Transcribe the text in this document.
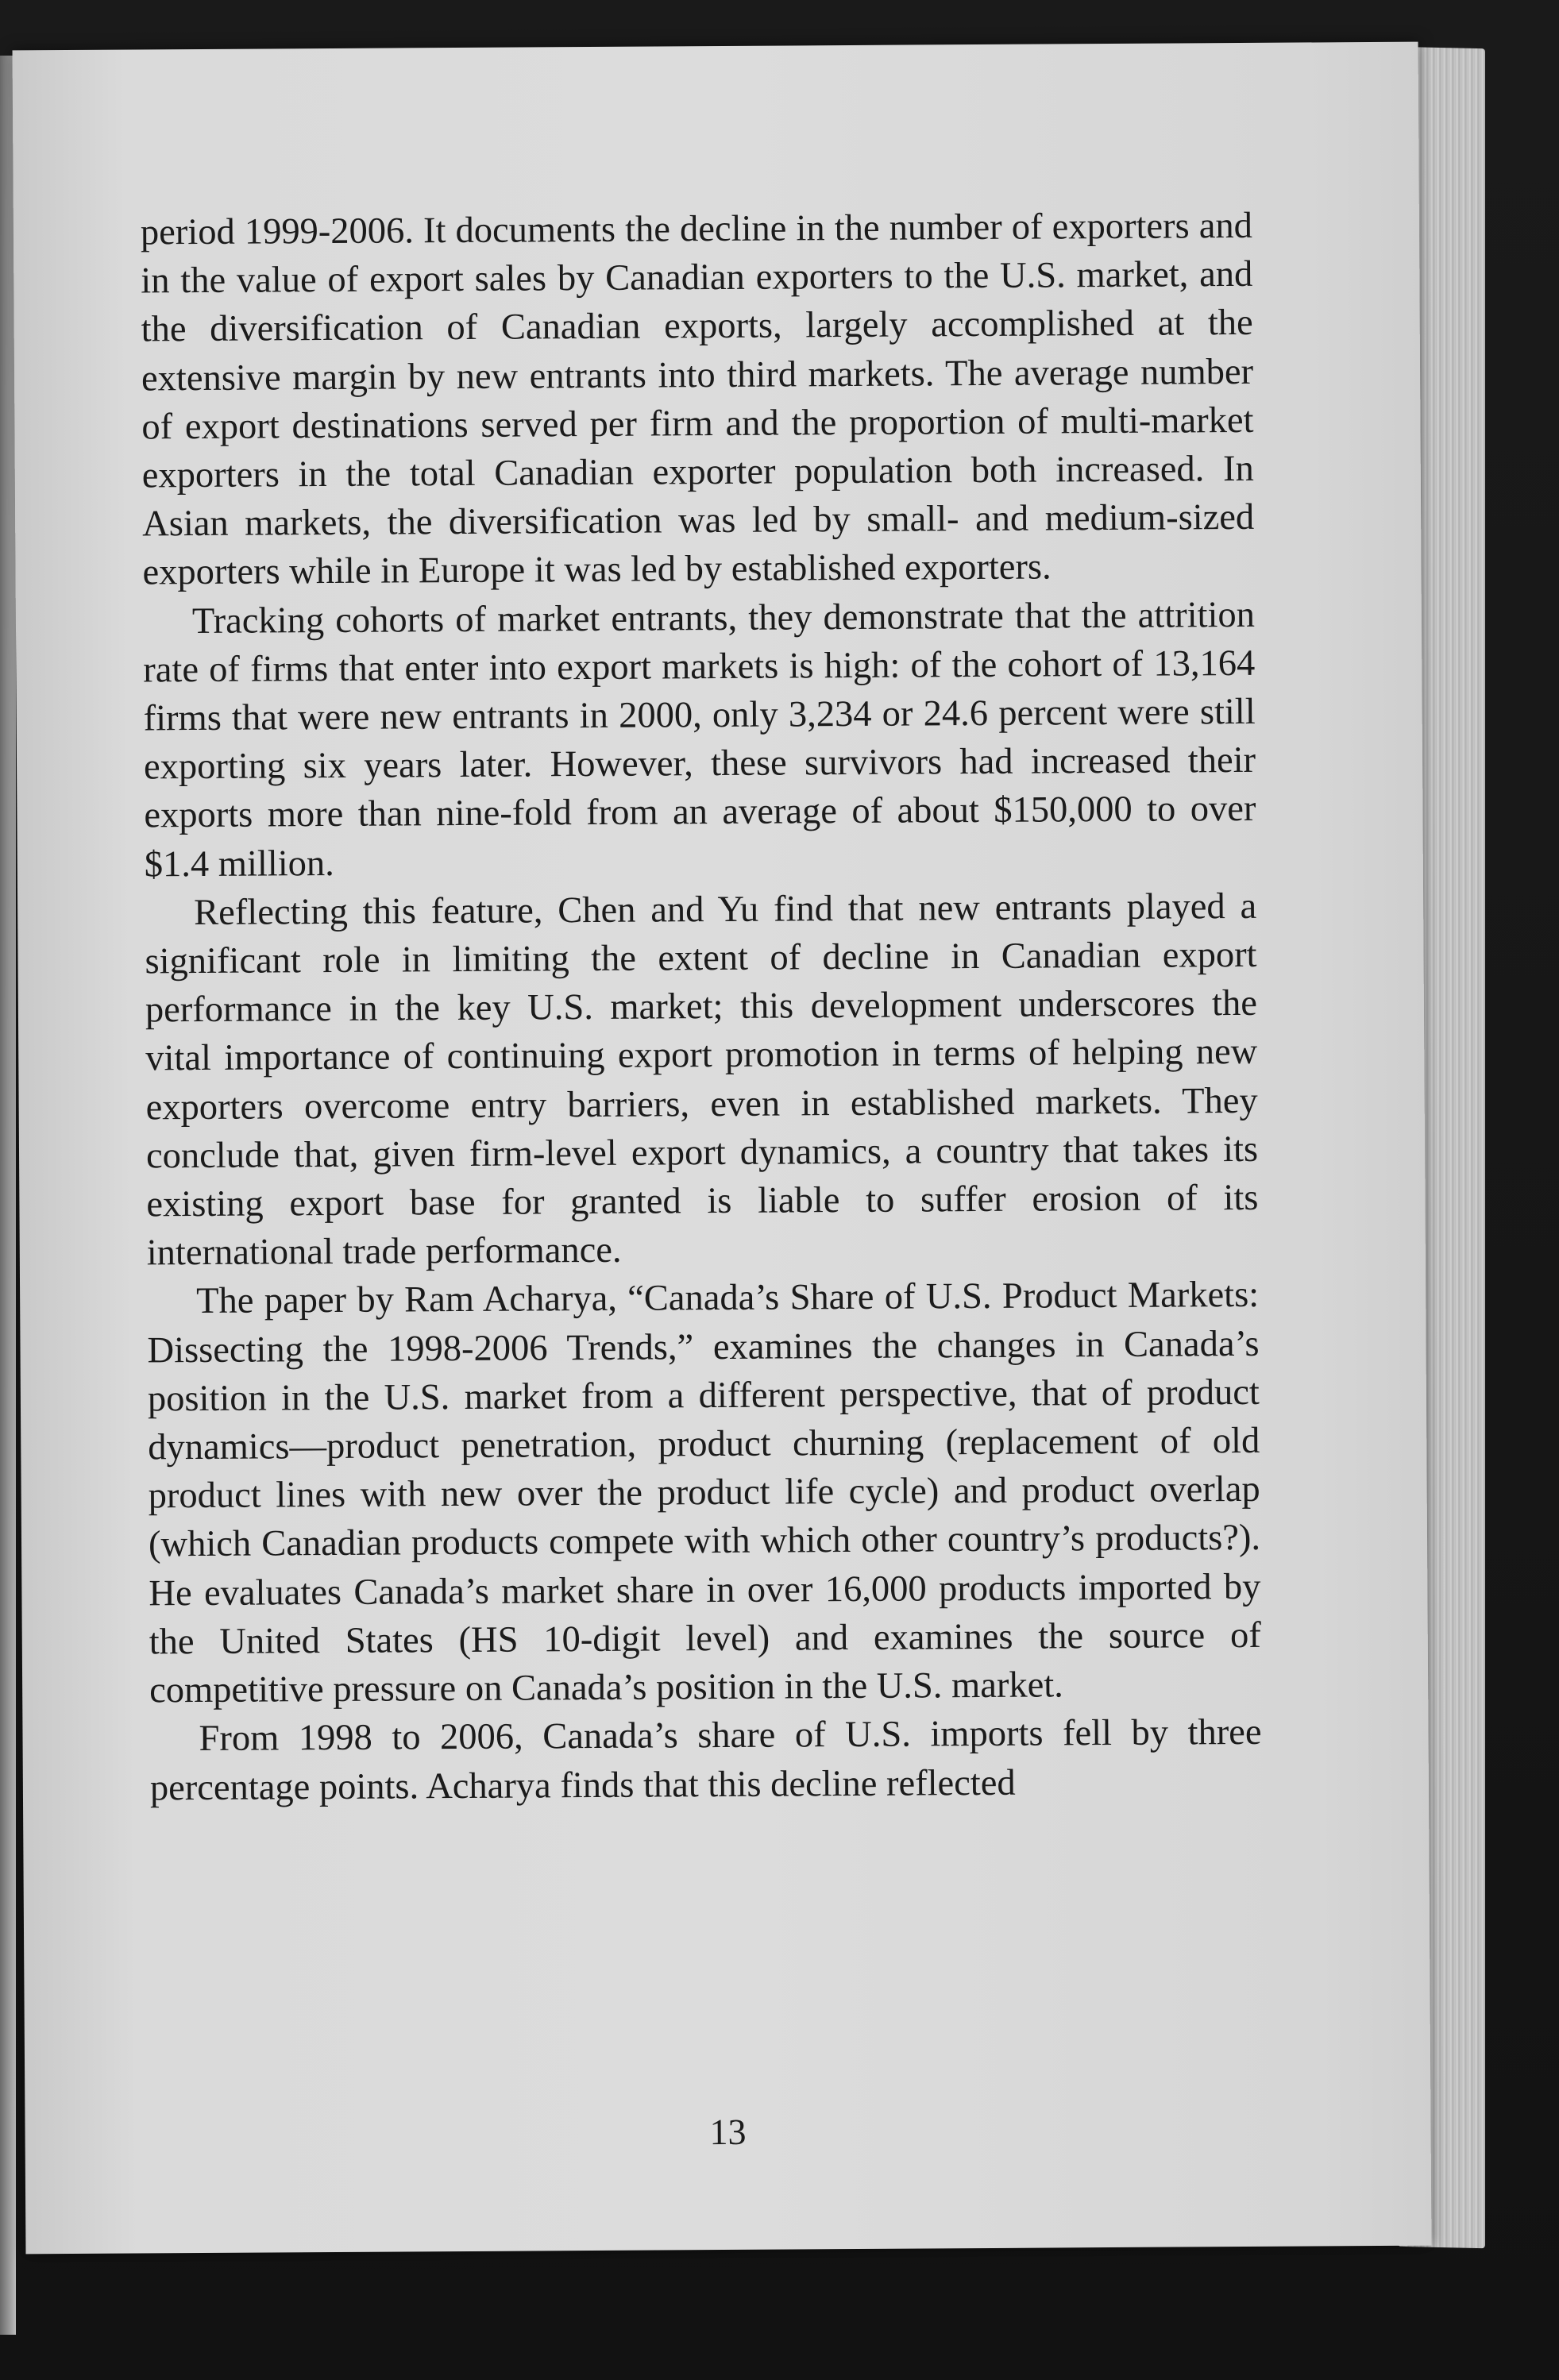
period 1999-2006. It documents the decline in the number of exporters and in the value of export sales by Canadian exporters to the U.S. market, and the diversification of Canadian exports, largely accomplished at the extensive margin by new entrants into third markets. The average number of export destinations served per firm and the proportion of multi-market exporters in the total Canadian exporter population both increased. In Asian markets, the diversification was led by small- and medium-sized exporters while in Europe it was led by established exporters.

Tracking cohorts of market entrants, they demonstrate that the attrition rate of firms that enter into export markets is high: of the cohort of 13,164 firms that were new entrants in 2000, only 3,234 or 24.6 percent were still exporting six years later. However, these survivors had increased their exports more than nine-fold from an average of about $150,000 to over $1.4 million.

Reflecting this feature, Chen and Yu find that new entrants played a significant role in limiting the extent of decline in Canadian export performance in the key U.S. market; this development underscores the vital importance of continuing export promotion in terms of helping new exporters overcome entry barriers, even in established markets. They conclude that, given firm-level export dynamics, a country that takes its existing export base for granted is liable to suffer erosion of its international trade performance.

The paper by Ram Acharya, “Canada’s Share of U.S. Product Markets: Dissecting the 1998-2006 Trends,” examines the changes in Canada’s position in the U.S. market from a different perspective, that of product dynamics—product penetration, product churning (replacement of old product lines with new over the product life cycle) and product overlap (which Canadian products compete with which other country’s products?). He evaluates Canada’s market share in over 16,000 products imported by the United States (HS 10-digit level) and examines the source of competitive pressure on Canada’s position in the U.S. market.

From 1998 to 2006, Canada’s share of U.S. imports fell by three percentage points. Acharya finds that this decline reflected

13
